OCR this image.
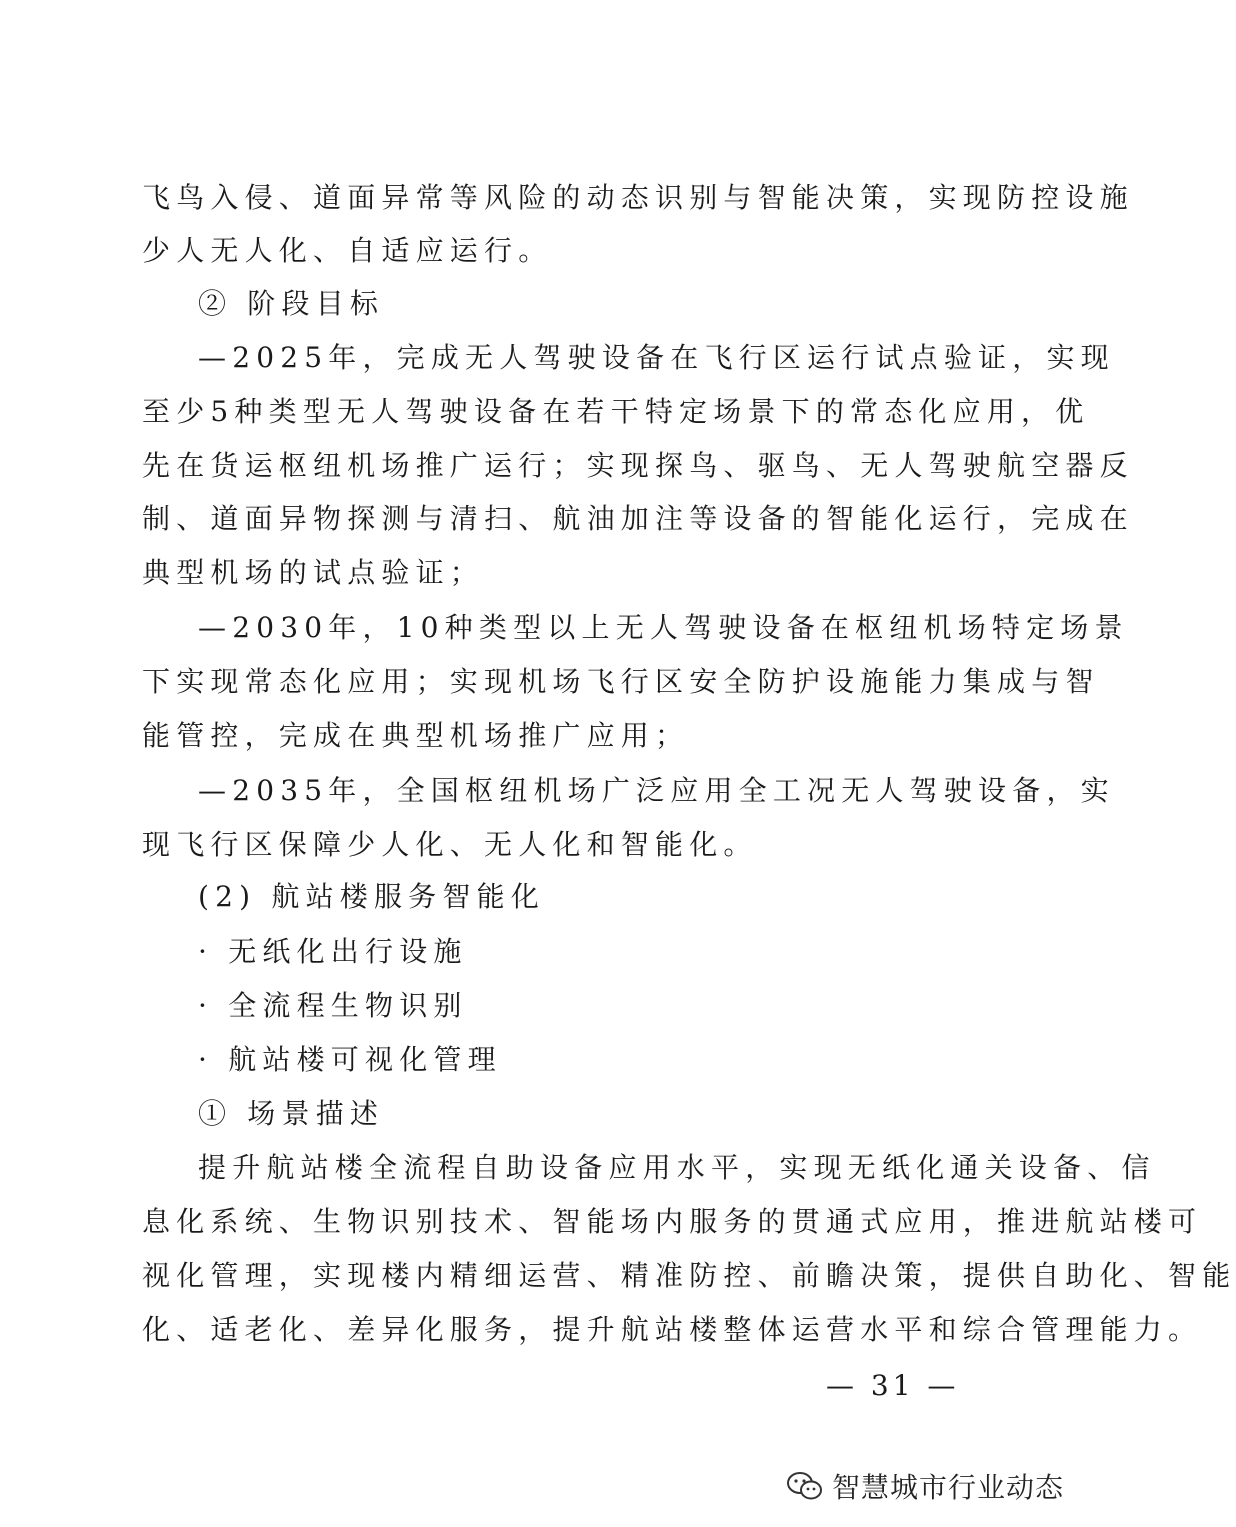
飞鸟入侵、道面异常等风险的动态识别与智能决策，实现防控设施
少人无人化、自适应运行。
② 阶段目标
—2025年，完成无人驾驶设备在飞行区运行试点验证，实现
至少5种类型无人驾驶设备在若干特定场景下的常态化应用，优
先在货运枢纽机场推广运行；实现探鸟、驱鸟、无人驾驶航空器反
制、道面异物探测与清扫、航油加注等设备的智能化运行，完成在
典型机场的试点验证；
—2030年，10种类型以上无人驾驶设备在枢纽机场特定场景
下实现常态化应用；实现机场飞行区安全防护设施能力集成与智
能管控，完成在典型机场推广应用；
—2035年，全国枢纽机场广泛应用全工况无人驾驶设备，实
现飞行区保障少人化、无人化和智能化。
(2) 航站楼服务智能化
· 无纸化出行设施
· 全流程生物识别
· 航站楼可视化管理
① 场景描述
提升航站楼全流程自助设备应用水平，实现无纸化通关设备、信
息化系统、生物识别技术、智能场内服务的贯通式应用，推进航站楼可
视化管理，实现楼内精细运营、精准防控、前瞻决策，提供自助化、智能
化、适老化、差异化服务，提升航站楼整体运营水平和综合管理能力。
— 31 —
智慧城市行业动态
